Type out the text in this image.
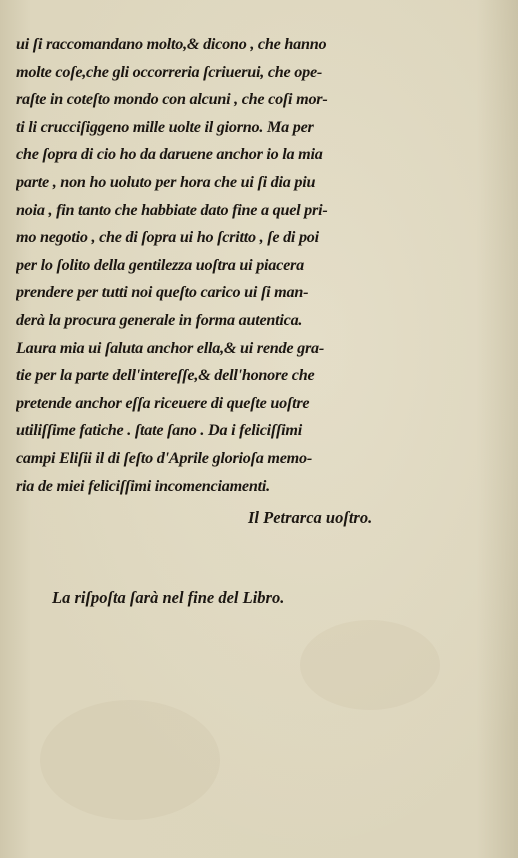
ui ſi raccomandano molto,& dicono , che hanno
molte coſe,che gli occorreria ſcriuerui, che ope-
raſte in coteſto mondo con alcuni , che coſi mor-
ti li crucciſiggeno mille uolte il giorno. Ma per
che ſopra di cio ho da daruene anchor io la mia
parte , non ho uoluto per hora che ui ſi dia piu
noia , fin tanto che habbiate dato fine a quel pri-
mo negotio , che di ſopra ui ho ſcritto , ſe di poi
per lo ſolito della gentilezza uoſtra ui piacera
prendere per tutti noi queſto carico ui ſi man-
derà la procura generale in forma autentica.
Laura mia ui ſaluta anchor ella,& ui rende gra-
tie per la parte dell'intereſſe,& dell'honore che
pretende anchor eſſa riceuere di queſte uoſtre
utiliſſime fatiche . ſtate ſano . Da i feliciſſimi
campi Eliſii il di ſeſto d'Aprile glorioſa memo-
ria de miei feliciſſimi incomenciamenti.
Il Petrarca uoſtro.
La riſpoſta ſarà nel fine del Libro.
